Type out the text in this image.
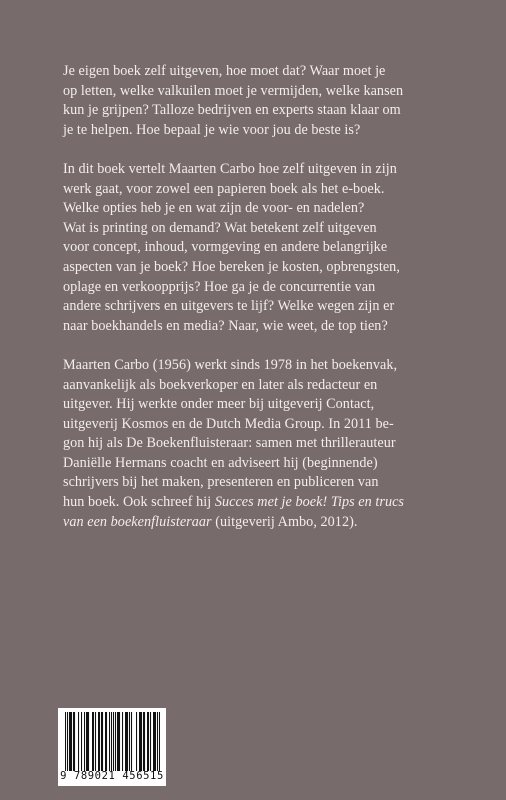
Je eigen boek zelf uitgeven, hoe moet dat? Waar moet je
op letten, welke valkuilen moet je vermijden, welke kansen
kun je grijpen? Talloze bedrijven en experts staan klaar om
je te helpen. Hoe bepaal je wie voor jou de beste is?

In dit boek vertelt Maarten Carbo hoe zelf uitgeven in zijn
werk gaat, voor zowel een papieren boek als het e-boek.
Welke opties heb je en wat zijn de voor- en nadelen?
Wat is printing on demand? Wat betekent zelf uitgeven
voor concept, inhoud, vormgeving en andere belangrijke
aspecten van je boek? Hoe bereken je kosten, opbrengsten,
oplage en verkoopprijs? Hoe ga je de concurrentie van
andere schrijvers en uitgevers te lijf? Welke wegen zijn er
naar boekhandels en media? Naar, wie weet, de top tien?

Maarten Carbo (1956) werkt sinds 1978 in het boekenvak,
aanvankelijk als boekverkoper en later als redacteur en
uitgever. Hij werkte onder meer bij uitgeverij Contact,
uitgeverij Kosmos en de Dutch Media Group. In 2011 be-
gon hij als De Boekenfluisteraar: samen met thrillerauteur
Daniëlle Hermans coacht en adviseert hij (beginnende)
schrijvers bij het maken, presenteren en publiceren van
hun boek. Ook schreef hij Succes met je boek! Tips en trucs
van een boekenfluisteraar (uitgeverij Ambo, 2012).

9 789021 456515
